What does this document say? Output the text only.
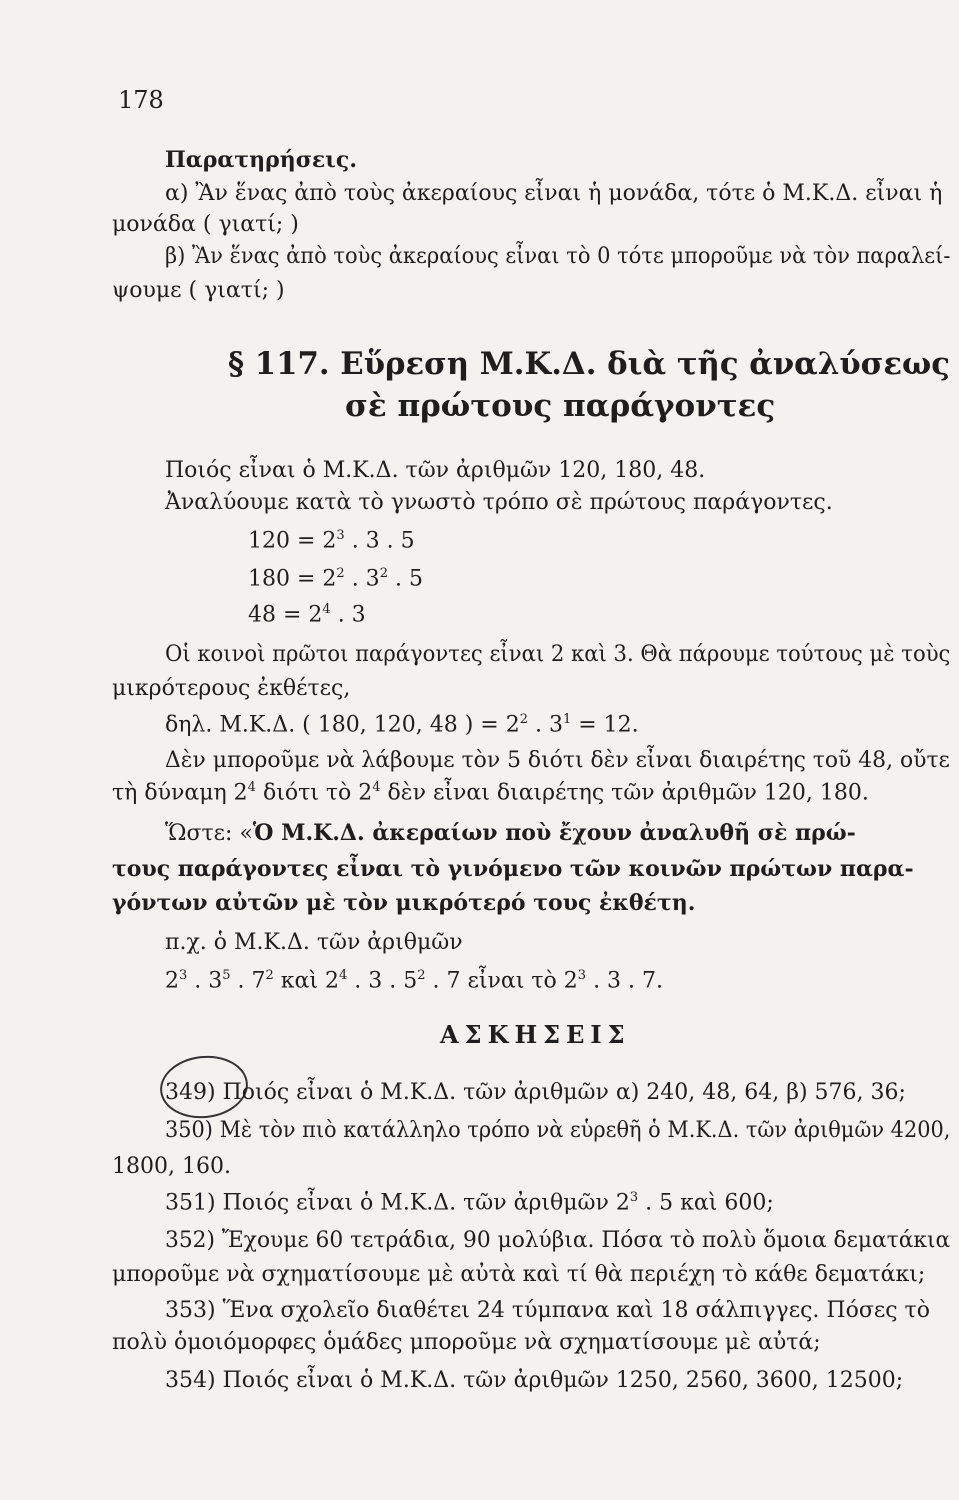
178
Παρατηρήσεις.
α) Ἂν ἕνας ἀπὸ τοὺς ἀκεραίους εἶναι ἡ μονάδα, τότε ὁ Μ.Κ.Δ. εἶναι ἡ
μονάδα ( γιατί; )
β) Ἂν ἕνας ἀπὸ τοὺς ἀκεραίους εἶναι τὸ 0 τότε μποροῦμε νὰ τὸν παραλεί-
ψουμε ( γιατί; )
§ 117. Εὕρεση Μ.Κ.Δ. διὰ τῆς ἀναλύσεως
σὲ πρώτους παράγοντες
Ποιός εἶναι ὁ Μ.Κ.Δ. τῶν ἀριθμῶν 120, 180, 48.
Ἀναλύουμε κατὰ τὸ γνωστὸ τρόπο σὲ πρώτους παράγοντες.
$120 = 2^3$ . 3 . 5
$180 = 2^2$ . $3^2$ . 5
$48 = 2^4$ . 3
Οἱ κοινοὶ πρῶτοι παράγοντες εἶναι 2 καὶ 3. Θὰ πάρουμε τούτους μὲ τοὺς
μικρότερους ἐκθέτες,
δηλ. Μ.Κ.Δ. ( 180, 120, 48 ) = $2^2$ . $3^1 = 12$.
Δὲν μποροῦμε νὰ λάβουμε τὸν 5 διότι δὲν εἶναι διαιρέτης τοῦ 48, οὔτε
τὴ δύναμη $2^4$ διότι τὸ $2^4$ δὲν εἶναι διαιρέτης τῶν ἀριθμῶν 120, 180.
Ὥστε: «Ὁ Μ.Κ.Δ. ἀκεραίων ποὺ ἔχουν ἀναλυθῆ σὲ πρώ-
τους παράγοντες εἶναι τὸ γινόμενο τῶν κοινῶν πρώτων παρα-
γόντων αὐτῶν μὲ τὸν μικρότερό τους ἐκθέτη.
π.χ. ὁ Μ.Κ.Δ. τῶν ἀριθμῶν
$2^3$ . $3^5$ . $7^2$ καὶ $2^4$ . 3 . $5^2$ . 7 εἶναι τὸ $2^3$ . 3 . 7.
ΑΣΚΗΣΕΙΣ
349) Ποιός εἶναι ὁ Μ.Κ.Δ. τῶν ἀριθμῶν α) 240, 48, 64, β) 576, 36;
350) Μὲ τὸν πιὸ κατάλληλο τρόπο νὰ εὑρεθῆ ὁ Μ.Κ.Δ. τῶν ἀριθμῶν 4200,
1800, 160.
351) Ποιός εἶναι ὁ Μ.Κ.Δ. τῶν ἀριθμῶν $2^3$ . 5 καὶ 600;
352) Ἔχουμε 60 τετράδια, 90 μολύβια. Πόσα τὸ πολὺ ὅμοια δεματάκια
μποροῦμε νὰ σχηματίσουμε μὲ αὐτὰ καὶ τί θὰ περιέχη τὸ κάθε δεματάκι;
353) Ἕνα σχολεῖο διαθέτει 24 τύμπανα καὶ 18 σάλπιγγες. Πόσες τὸ
πολὺ ὁμοιόμορφες ὁμάδες μποροῦμε νὰ σχηματίσουμε μὲ αὐτά;
354) Ποιός εἶναι ὁ Μ.Κ.Δ. τῶν ἀριθμῶν 1250, 2560, 3600, 12500;
